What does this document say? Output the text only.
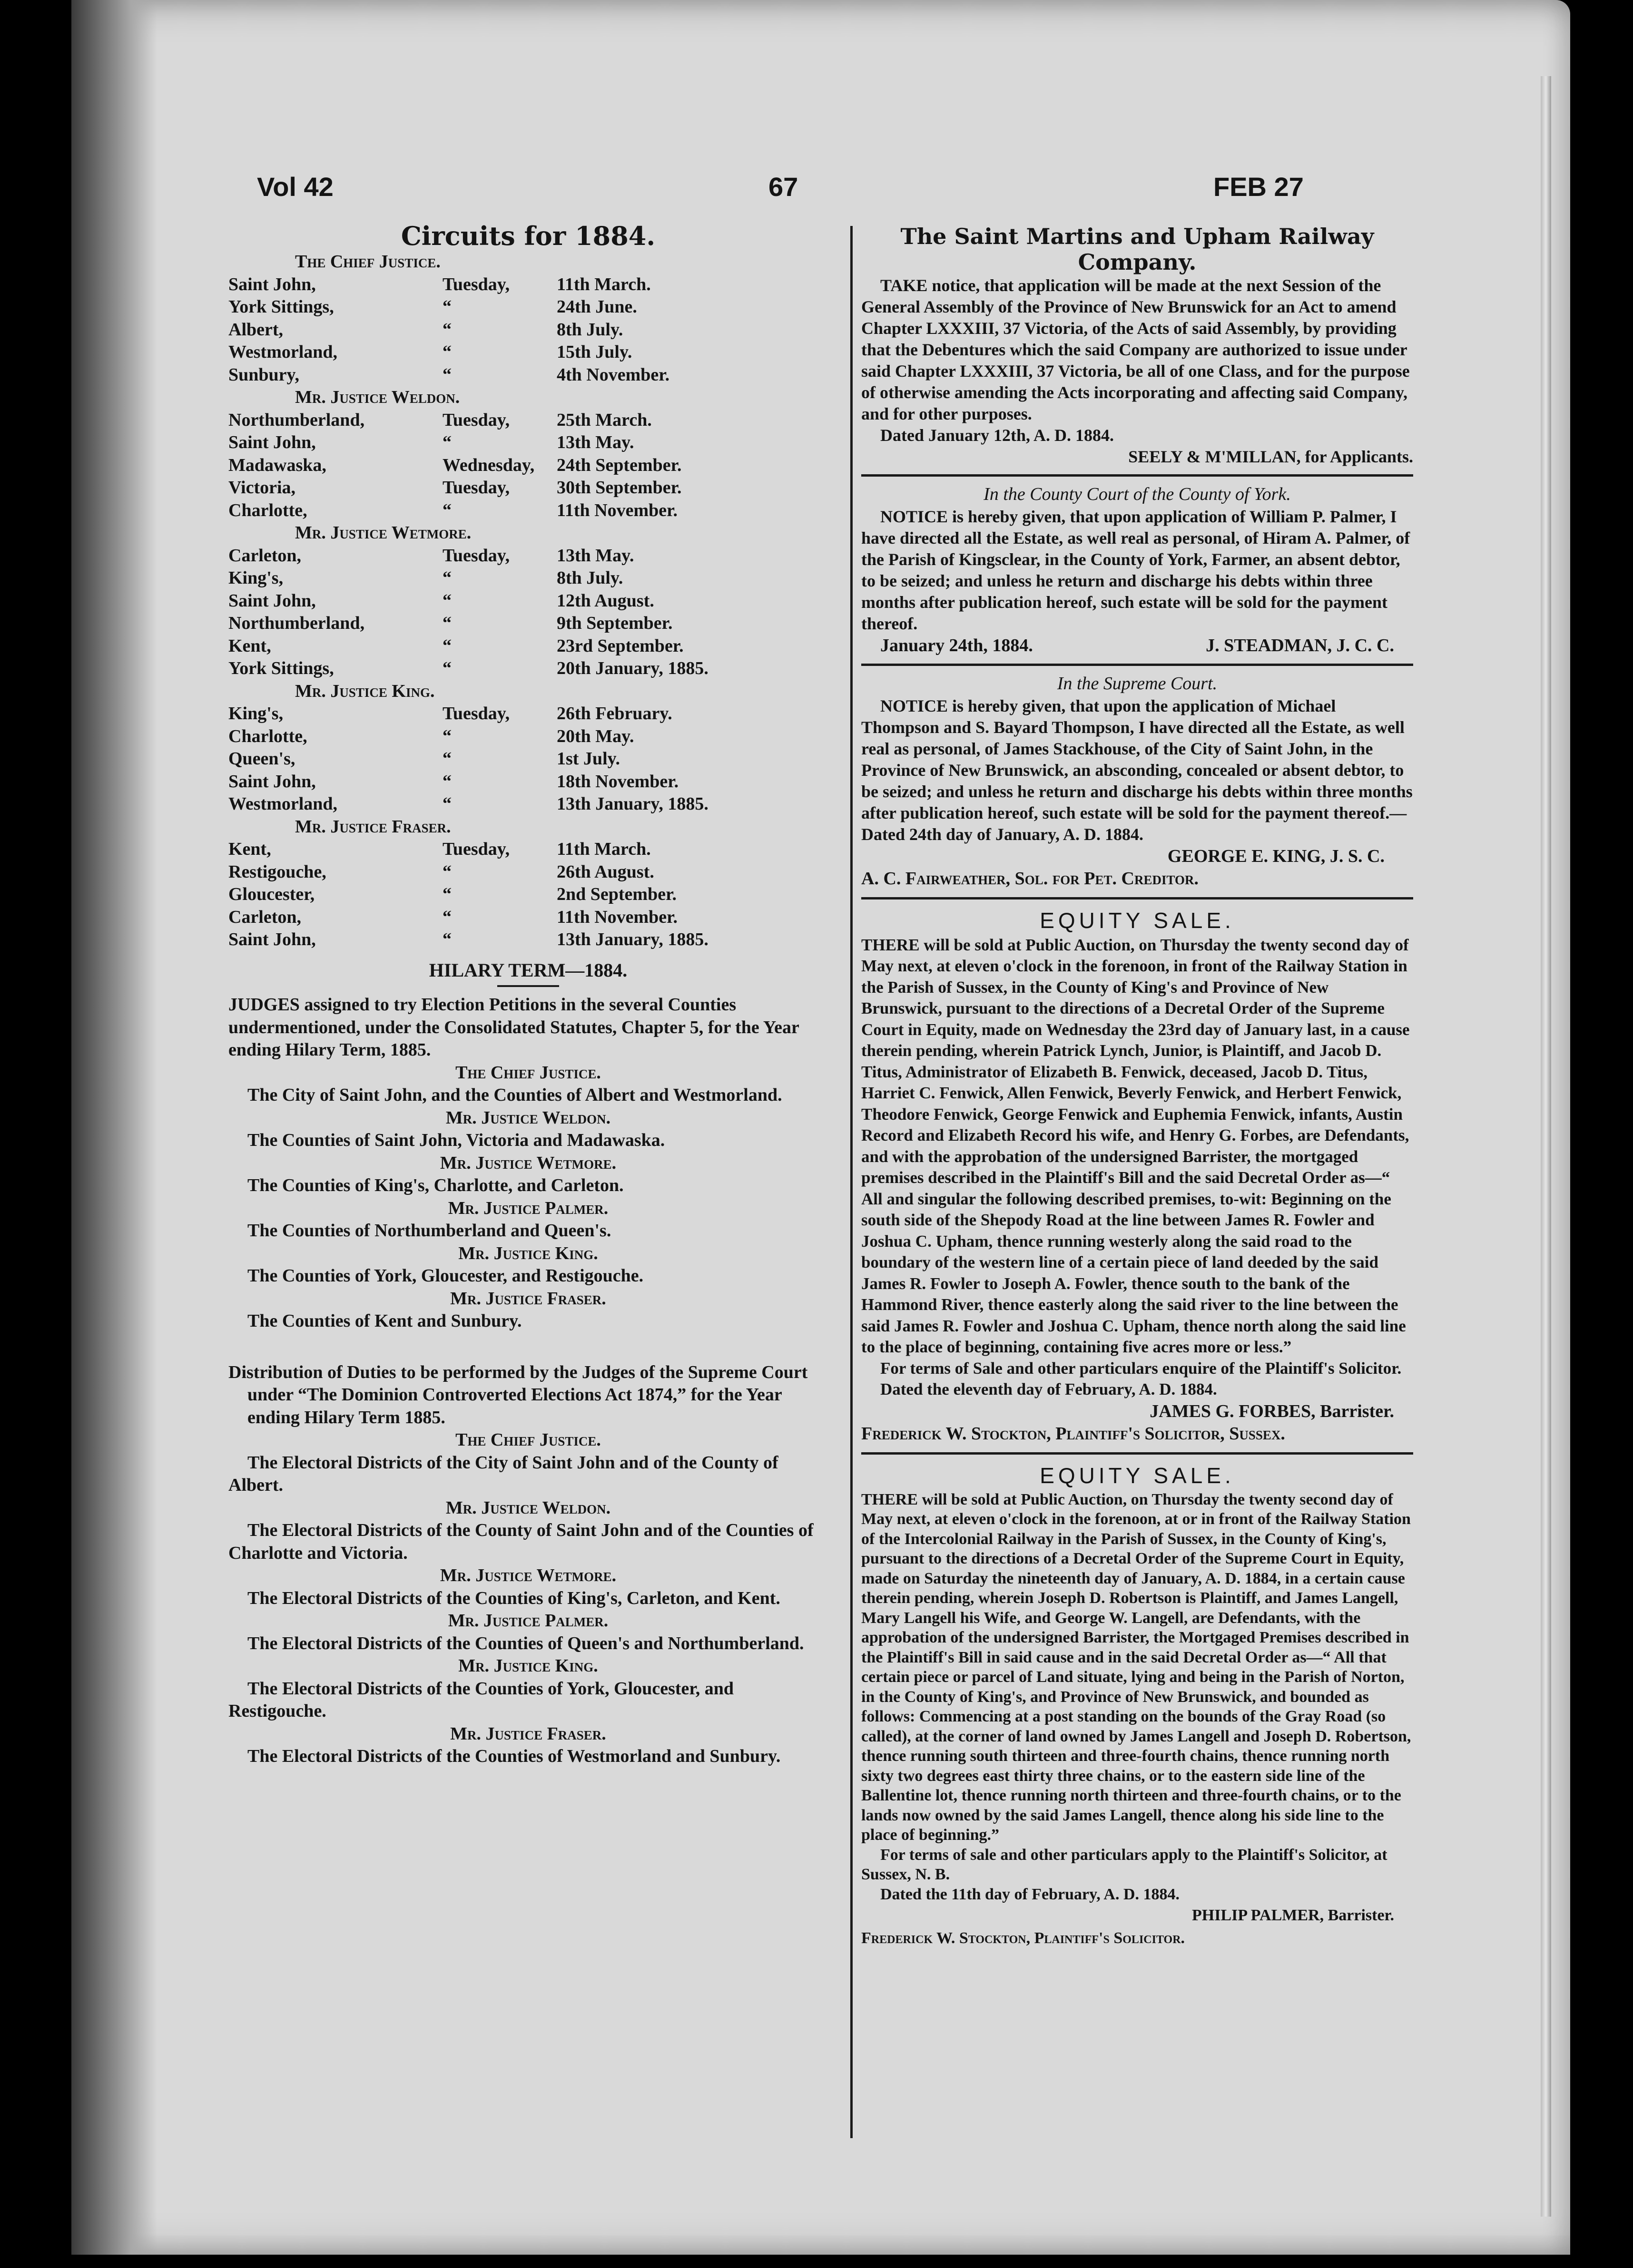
Vol 42	67	FEB 27

Circuits for 1884.

The Chief Justice.

Saint John,	Tuesday,	11th March.
York Sittings,	“	24th June.
Albert,	“	8th July.
Westmorland,	“	15th July.
Sunbury,	“	4th November.

Mr. Justice Weldon.

Northumberland,	Tuesday,	25th March.
Saint John,	“	13th May.
Madawaska,	Wednesday,	24th September.
Victoria,	Tuesday,	30th September.
Charlotte,	“	11th November.

Mr. Justice Wetmore.

Carleton,	Tuesday,	13th May.
King's,	“	8th July.
Saint John,	“	12th August.
Northumberland,	“	9th September.
Kent,	“	23rd September.
York Sittings,	“	20th January, 1885.

Mr. Justice King.

King's,	Tuesday,	26th February.
Charlotte,	“	20th May.
Queen's,	“	1st July.
Saint John,	“	18th November.
Westmorland,	“	13th January, 1885.

Mr. Justice Fraser.

Kent,	Tuesday,	11th March.
Restigouche,	“	26th August.
Gloucester,	“	2nd September.
Carleton,	“	11th November.
Saint John,	“	13th January, 1885.

HILARY TERM—1884.

JUDGES assigned to try Election Petitions in the several Counties undermentioned, under the Consolidated Statutes, Chapter 5, for the Year ending Hilary Term, 1885.

The Chief Justice.

The City of Saint John, and the Counties of Albert and Westmorland.

Mr. Justice Weldon.

The Counties of Saint John, Victoria and Madawaska.

Mr. Justice Wetmore.

The Counties of King's, Charlotte, and Carleton.

Mr. Justice Palmer.

The Counties of Northumberland and Queen's.

Mr. Justice King.

The Counties of York, Gloucester, and Restigouche.

Mr. Justice Fraser.

The Counties of Kent and Sunbury.

Distribution of Duties to be performed by the Judges of the Supreme Court under “The Dominion Controverted Elections Act 1874,” for the Year ending Hilary Term 1885.

The Chief Justice.

The Electoral Districts of the City of Saint John and of the County of Albert.

Mr. Justice Weldon.

The Electoral Districts of the County of Saint John and of the Counties of Charlotte and Victoria.

Mr. Justice Wetmore.

The Electoral Districts of the Counties of King's, Carleton, and Kent.

Mr. Justice Palmer.

The Electoral Districts of the Counties of Queen's and Northumberland.

Mr. Justice King.

The Electoral Districts of the Counties of York, Gloucester, and Restigouche.

Mr. Justice Fraser.

The Electoral Districts of the Counties of Westmorland and Sunbury.

The Saint Martins and Upham Railway Company.

TAKE notice, that application will be made at the next Session of the General Assembly of the Province of New Brunswick for an Act to amend Chapter LXXXIII, 37 Victoria, of the Acts of said Assembly, by providing that the Debentures which the said Company are authorized to issue under said Chapter LXXXIII, 37 Victoria, be all of one Class, and for the purpose of otherwise amending the Acts incorporating and affecting said Company, and for other purposes.

Dated January 12th, A. D. 1884.

SEELY & M'MILLAN, for Applicants.

In the County Court of the County of York.

NOTICE is hereby given, that upon application of William P. Palmer, I have directed all the Estate, as well real as personal, of Hiram A. Palmer, of the Parish of Kingsclear, in the County of York, Farmer, an absent debtor, to be seized; and unless he return and discharge his debts within three months after publication hereof, such estate will be sold for the payment thereof.

January 24th, 1884.	J. STEADMAN, J. C. C.

In the Supreme Court.

NOTICE is hereby given, that upon the application of Michael Thompson and S. Bayard Thompson, I have directed all the Estate, as well real as personal, of James Stackhouse, of the City of Saint John, in the Province of New Brunswick, an absconding, concealed or absent debtor, to be seized; and unless he return and discharge his debts within three months after publication hereof, such estate will be sold for the payment thereof.—Dated 24th day of January, A. D. 1884.

GEORGE E. KING, J. S. C.

A. C. Fairweather, Sol. for Pet. Creditor.

EQUITY SALE.

THERE will be sold at Public Auction, on Thursday the twenty second day of May next, at eleven o'clock in the forenoon, in front of the Railway Station in the Parish of Sussex, in the County of King's and Province of New Brunswick, pursuant to the directions of a Decretal Order of the Supreme Court in Equity, made on Wednesday the 23rd day of January last, in a cause therein pending, wherein Patrick Lynch, Junior, is Plaintiff, and Jacob D. Titus, Administrator of Elizabeth B. Fenwick, deceased, Jacob D. Titus, Harriet C. Fenwick, Allen Fenwick, Beverly Fenwick, and Herbert Fenwick, Theodore Fenwick, George Fenwick and Euphemia Fenwick, infants, Austin Record and Elizabeth Record his wife, and Henry G. Forbes, are Defendants, and with the approbation of the undersigned Barrister, the mortgaged premises described in the Plaintiff's Bill and the said Decretal Order as—“ All and singular the following described premises, to-wit: Beginning on the south side of the Shepody Road at the line between James R. Fowler and Joshua C. Upham, thence running westerly along the said road to the boundary of the western line of a certain piece of land deeded by the said James R. Fowler to Joseph A. Fowler, thence south to the bank of the Hammond River, thence easterly along the said river to the line between the said James R. Fowler and Joshua C. Upham, thence north along the said line to the place of beginning, containing five acres more or less.”

For terms of Sale and other particulars enquire of the Plaintiff's Solicitor.

Dated the eleventh day of February, A. D. 1884.

JAMES G. FORBES, Barrister.

Frederick W. Stockton, Plaintiff's Solicitor, Sussex.

EQUITY SALE.

THERE will be sold at Public Auction, on Thursday the twenty second day of May next, at eleven o'clock in the forenoon, at or in front of the Railway Station of the Intercolonial Railway in the Parish of Sussex, in the County of King's, pursuant to the directions of a Decretal Order of the Supreme Court in Equity, made on Saturday the nineteenth day of January, A. D. 1884, in a certain cause therein pending, wherein Joseph D. Robertson is Plaintiff, and James Langell, Mary Langell his Wife, and George W. Langell, are Defendants, with the approbation of the undersigned Barrister, the Mortgaged Premises described in the Plaintiff's Bill in said cause and in the said Decretal Order as—“ All that certain piece or parcel of Land situate, lying and being in the Parish of Norton, in the County of King's, and Province of New Brunswick, and bounded as follows: Commencing at a post standing on the bounds of the Gray Road (so called), at the corner of land owned by James Langell and Joseph D. Robertson, thence running south thirteen and three-fourth chains, thence running north sixty two degrees east thirty three chains, or to the eastern side line of the Ballentine lot, thence running north thirteen and three-fourth chains, or to the lands now owned by the said James Langell, thence along his side line to the place of beginning.”

For terms of sale and other particulars apply to the Plaintiff's Solicitor, at Sussex, N. B.

Dated the 11th day of February, A. D. 1884.

PHILIP PALMER, Barrister.

Frederick W. Stockton, Plaintiff's Solicitor.
